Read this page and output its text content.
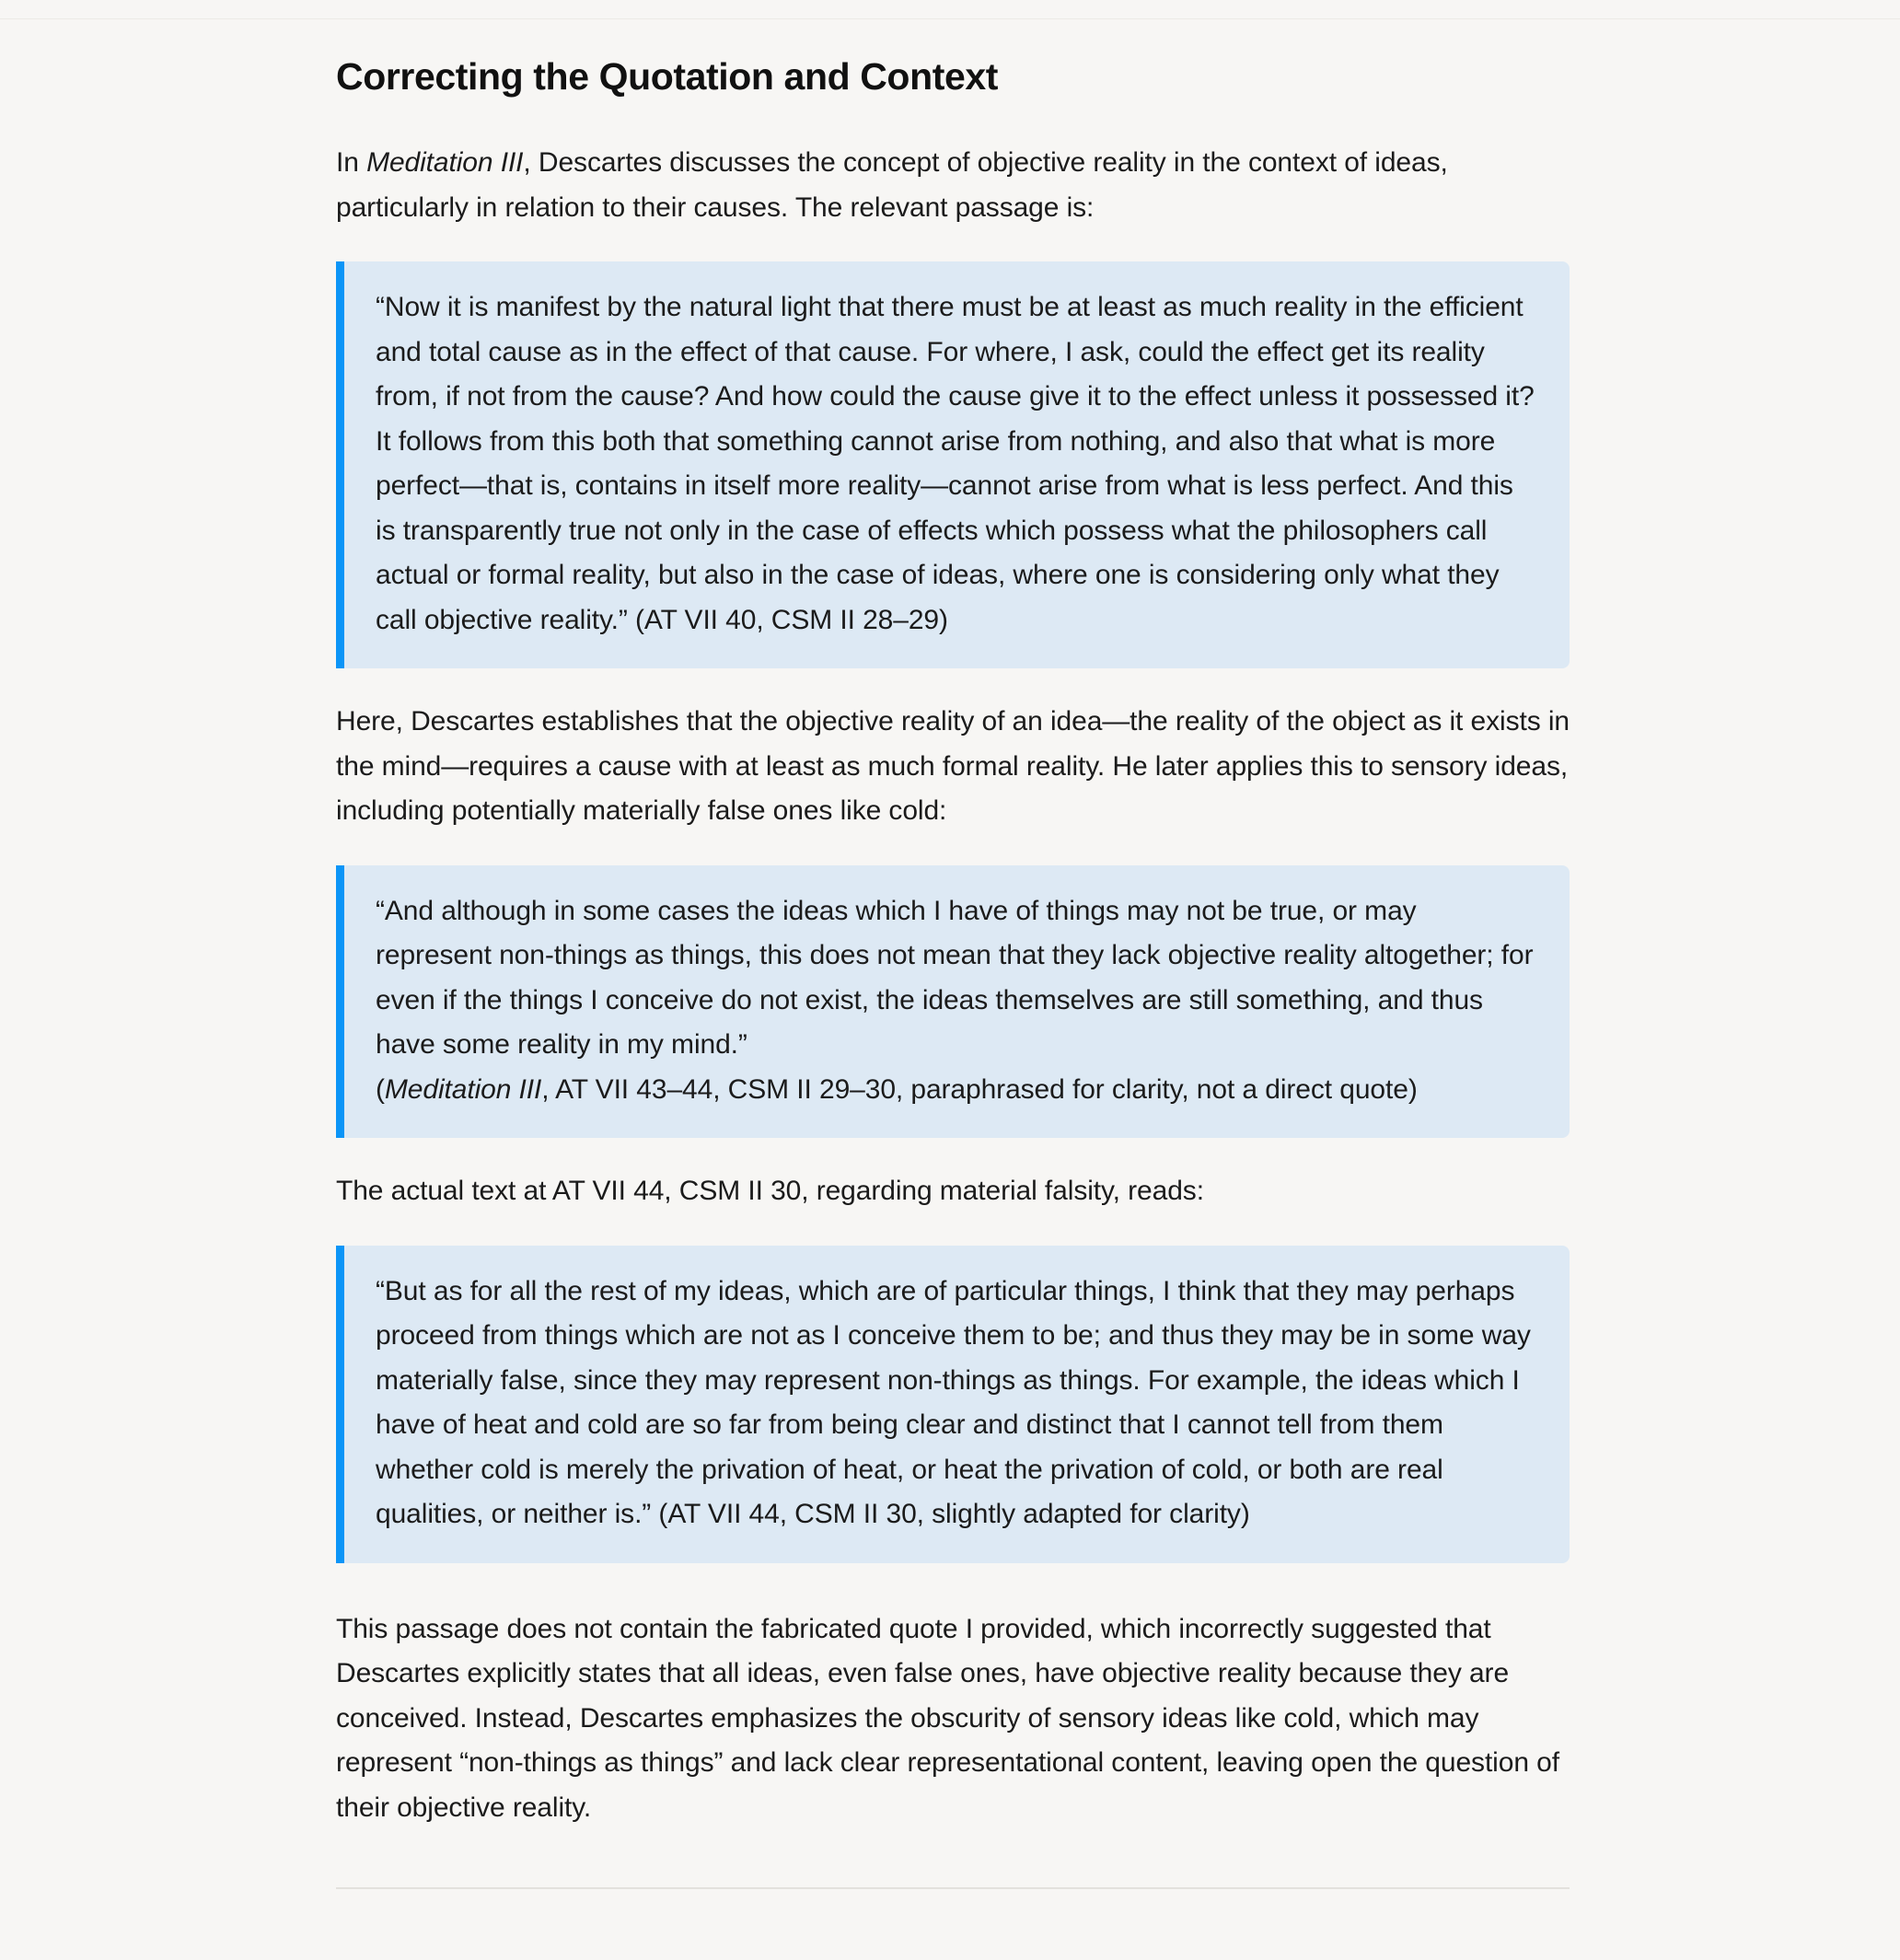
Correcting the Quotation and Context

In Meditation III, Descartes discusses the concept of objective reality in the context of ideas, particularly in relation to their causes. The relevant passage is:

“Now it is manifest by the natural light that there must be at least as much reality in the efficient and total cause as in the effect of that cause. For where, I ask, could the effect get its reality from, if not from the cause? And how could the cause give it to the effect unless it possessed it? It follows from this both that something cannot arise from nothing, and also that what is more perfect—that is, contains in itself more reality—cannot arise from what is less perfect. And this is transparently true not only in the case of effects which possess what the philosophers call actual or formal reality, but also in the case of ideas, where one is considering only what they call objective reality.” (AT VII 40, CSM II 28–29)

Here, Descartes establishes that the objective reality of an idea—the reality of the object as it exists in the mind—requires a cause with at least as much formal reality. He later applies this to sensory ideas, including potentially materially false ones like cold:

“And although in some cases the ideas which I have of things may not be true, or may represent non-things as things, this does not mean that they lack objective reality altogether; for even if the things I conceive do not exist, the ideas themselves are still something, and thus have some reality in my mind.”
(Meditation III, AT VII 43–44, CSM II 29–30, paraphrased for clarity, not a direct quote)

The actual text at AT VII 44, CSM II 30, regarding material falsity, reads:

“But as for all the rest of my ideas, which are of particular things, I think that they may perhaps proceed from things which are not as I conceive them to be; and thus they may be in some way materially false, since they may represent non-things as things. For example, the ideas which I have of heat and cold are so far from being clear and distinct that I cannot tell from them whether cold is merely the privation of heat, or heat the privation of cold, or both are real qualities, or neither is.” (AT VII 44, CSM II 30, slightly adapted for clarity)

This passage does not contain the fabricated quote I provided, which incorrectly suggested that Descartes explicitly states that all ideas, even false ones, have objective reality because they are conceived. Instead, Descartes emphasizes the obscurity of sensory ideas like cold, which may represent “non-things as things” and lack clear representational content, leaving open the question of their objective reality.
